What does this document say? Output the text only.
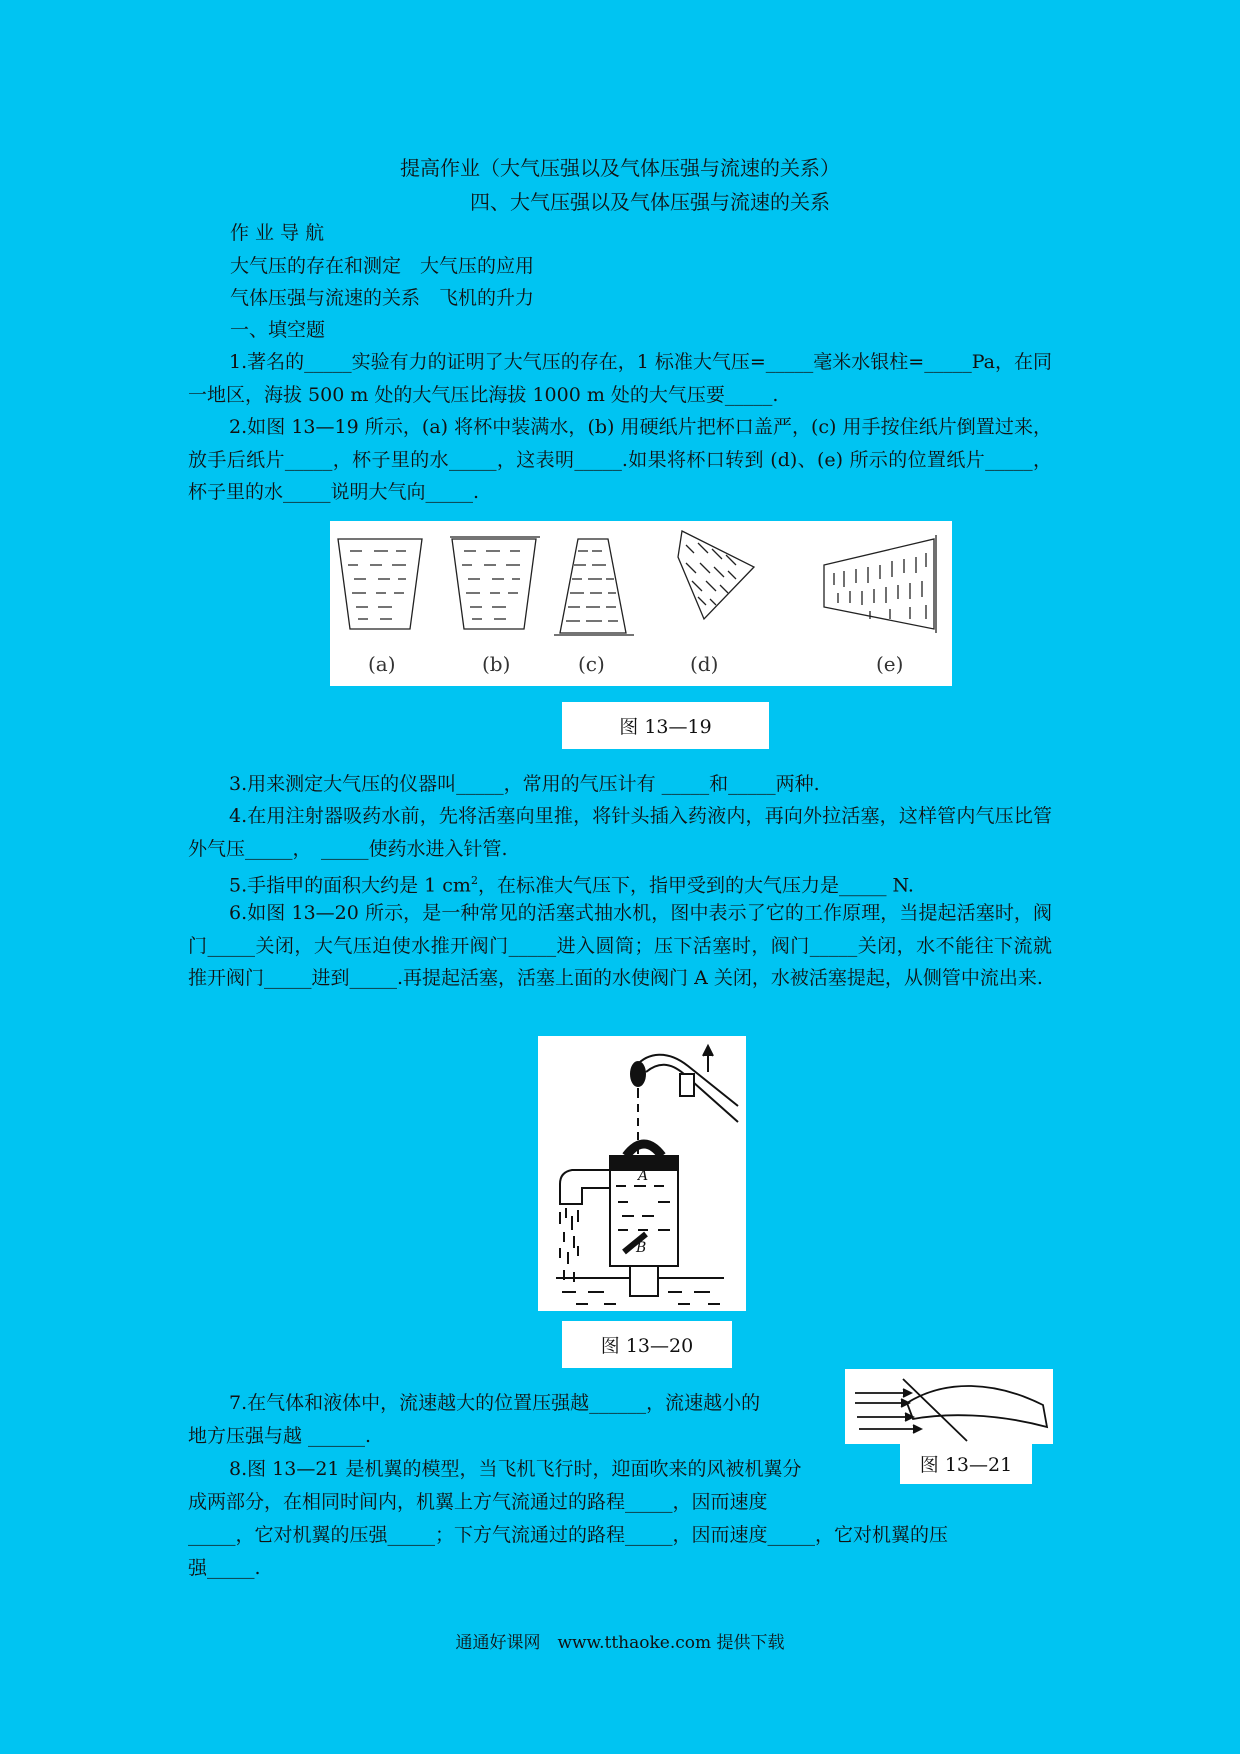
提高作业（大气压强以及气体压强与流速的关系）
四、大气压强以及气体压强与流速的关系
作 业 导 航
大气压的存在和测定　大气压的应用
气体压强与流速的关系　飞机的升力
一、填空题
1.著名的_____实验有力的证明了大气压的存在，1 标准大气压=_____毫米水银柱=_____Pa，在同一地区，海拔 500 m 处的大气压比海拔 1000 m 处的大气压要_____.
2.如图 13—19 所示，(a) 将杯中装满水，(b) 用硬纸片把杯口盖严，(c) 用手按住纸片倒置过来，放手后纸片_____，杯子里的水_____，这表明_____.如果将杯口转到 (d)、(e) 所示的位置纸片_____，杯子里的水_____说明大气向_____.
(a)	(b)	(c)	(d)	(e)
图 13—19
3.用来测定大气压的仪器叫_____，常用的气压计有 _____和_____两种.
4.在用注射器吸药水前，先将活塞向里推，将针头插入药液内，再向外拉活塞，这样管内气压比管外气压_____，　_____使药水进入针管.
5.手指甲的面积大约是 1 $cm^2$，在标准大气压下，指甲受到的大气压力是_____ N.
6.如图 13—20 所示，是一种常见的活塞式抽水机，图中表示了它的工作原理，当提起活塞时，阀门_____关闭，大气压迫使水推开阀门_____进入圆筒；压下活塞时，阀门_____关闭，水不能往下流就推开阀门_____进到_____.再提起活塞，活塞上面的水使阀门 A 关闭，水被活塞提起，从侧管中流出来.
A
B
图 13—20
图 13—21
7.在气体和液体中，流速越大的位置压强越______，流速越小的
地方压强与越 ______.
8.图 13—21 是机翼的模型，当飞机飞行时，迎面吹来的风被机翼分
成两部分，在相同时间内，机翼上方气流通过的路程_____，因而速度
_____，它对机翼的压强_____；下方气流通过的路程_____，因而速度_____，它对机翼的压
强_____.
通通好课网　www.tthaoke.com 提供下载
